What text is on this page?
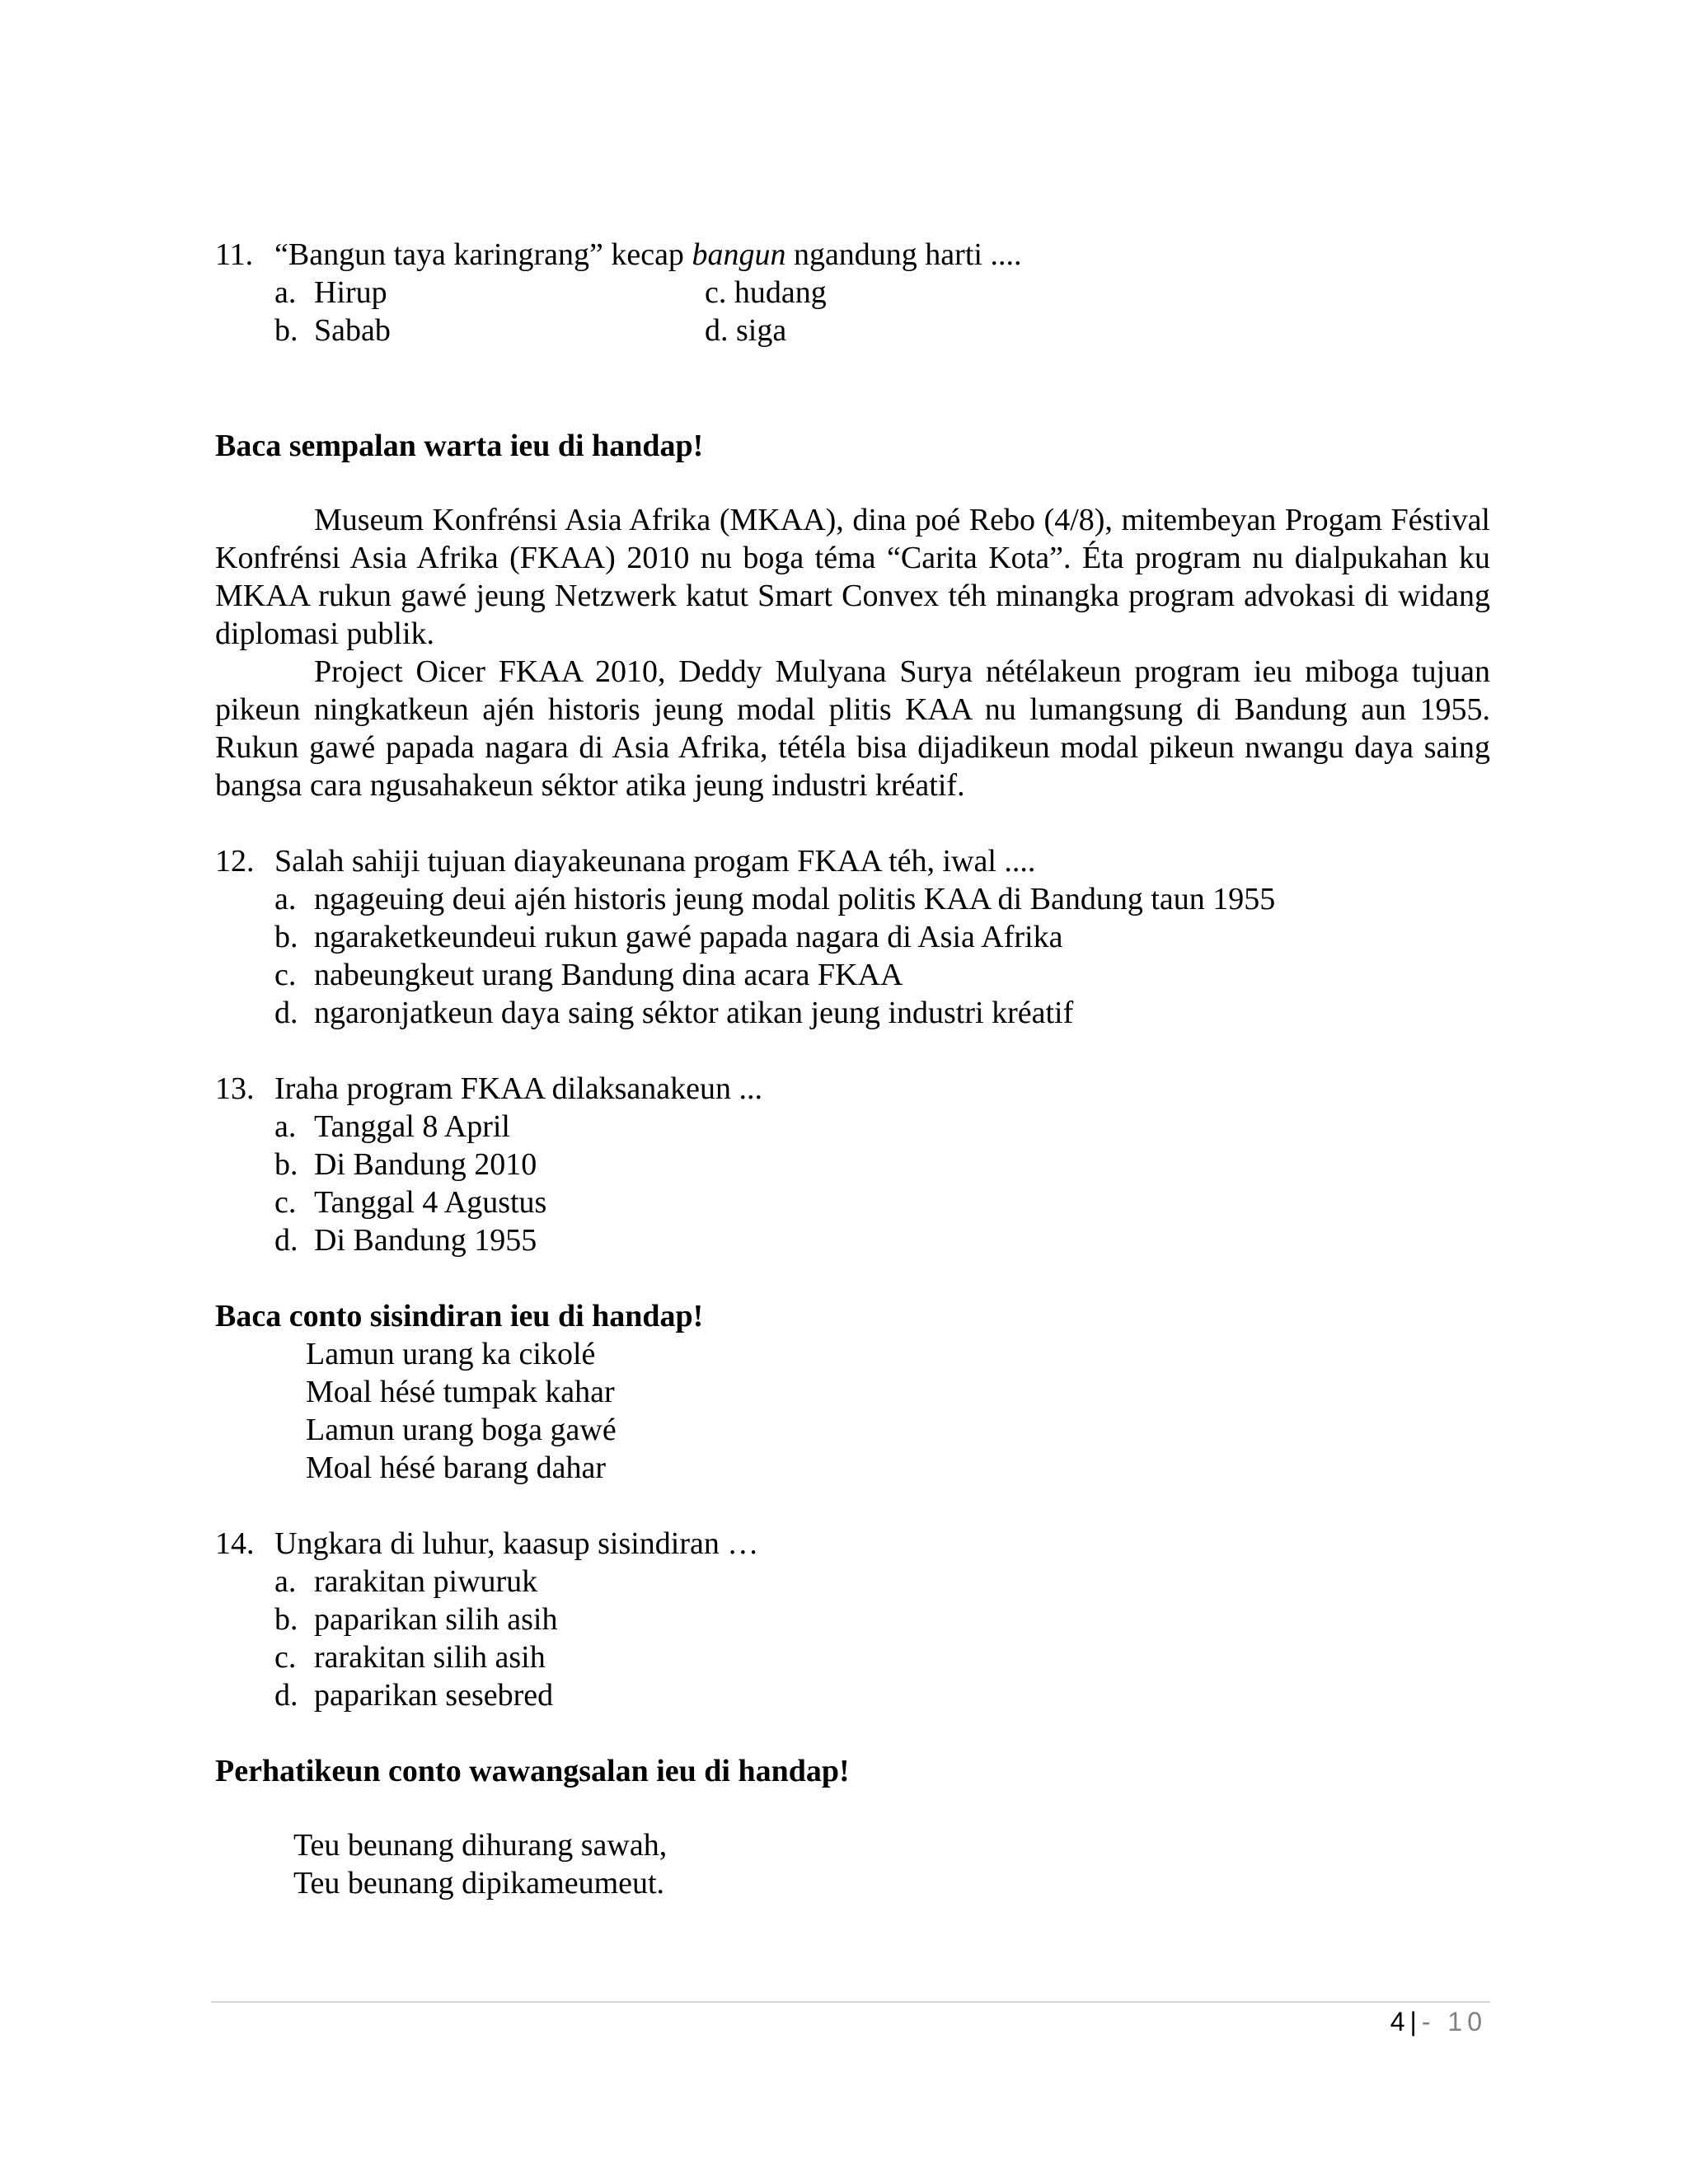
11. “Bangun taya karingrang” kecap bangun ngandung harti ....
a. Hirup
b. Sabab
c. hudang
d. siga
Baca sempalan warta ieu di handap!
Museum Konfrénsi Asia Afrika (MKAA), dina poé Rebo (4/8), mitembeyan Progam Féstival Konfrénsi Asia Afrika (FKAA) 2010 nu boga téma “Carita Kota”. Éta program nu dialpukahan ku MKAA rukun gawé jeung Netzwerk katut Smart Convex téh minangka program advokasi di widang diplomasi publik.
Project Oicer FKAA 2010, Deddy Mulyana Surya nétélakeun program ieu miboga tujuan pikeun ningkatkeun ajén historis jeung modal plitis KAA nu lumangsung di Bandung aun 1955. Rukun gawé papada nagara di Asia Afrika, tétéla bisa dijadikeun modal pikeun nwangu daya saing bangsa cara ngusahakeun séktor atika jeung industri kréatif.
12. Salah sahiji tujuan diayakeunana progam FKAA téh, iwal ....
a. ngageuing deui ajén historis jeung modal politis KAA di Bandung taun 1955
b. ngaraketkeundeui rukun gawé papada nagara di Asia Afrika
c. nabeungkeut urang Bandung dina acara FKAA
d. ngaronjatkeun daya saing séktor atikan jeung industri kréatif
13. Iraha program FKAA dilaksanakeun ...
a. Tanggal 8 April
b. Di Bandung 2010
c. Tanggal 4 Agustus
d. Di Bandung 1955
Baca conto sisindiran ieu di handap!
Lamun urang ka cikolé
Moal hésé tumpak kahar
Lamun urang boga gawé
Moal hésé barang dahar
14. Ungkara di luhur, kaasup sisindiran …
a. rarakitan piwuruk
b. paparikan silih asih
c. rarakitan silih asih
d. paparikan sesebred
Perhatikeun conto wawangsalan ieu di handap!
Teu beunang dihurang sawah,
Teu beunang dipikameumeut.
4 | - 10
